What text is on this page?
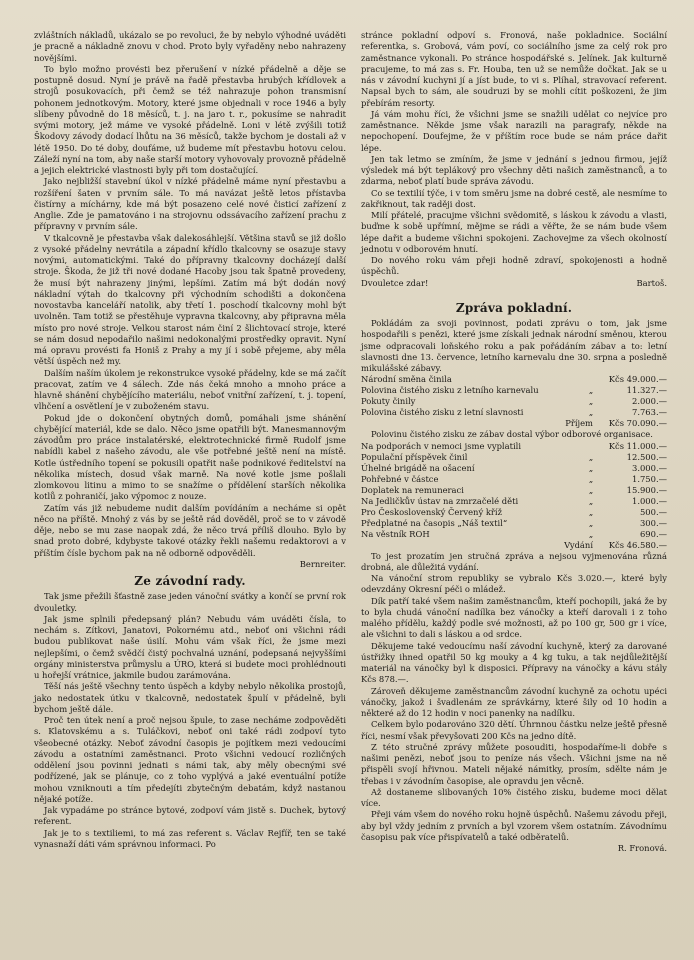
zvláštních nákladů, ukázalo se po revoluci, že by nebylo výhodné uváděti je pracně a nákladně znovu v chod. Proto byly vyřaděny nebo nahrazeny novějšími.

To bylo možno provésti bez přerušení v nízké přádelně a děje se postupně dosud. Nyní je právě na řadě přestavba hrubých křídlovek a strojů posukovacích, při čemž se též nahrazuje pohon transmisní pohonem jednotkovým. Motory, které jsme objednali v roce 1946 a byly slíbeny původně do 18 měsíců, t. j. na jaro t. r., pokusíme se nahradit svými motory, jež máme ve vysoké přádelně. Loni v létě zvýšili totiž Škodovy závody dodací lhůtu na 36 měsíců, takže bychom je dostali až v létě 1950. Do té doby, doufáme, už budeme mít přestavbu hotovu celou. Záleží nyní na tom, aby naše starší motory vyhovovaly provozně přádelně a jejich elektrické vlastnosti byly při tom dostačující.

Jako nejbližší stavební úkol v nízké přádelně máme nyní přestavbu a rozšíření šaten v prvním sále. To má navázat ještě letos přístavba čistírny a míchárny, kde má být posazeno celé nové čisticí zařízení z Anglie. Zde je pamatováno i na strojovnu odssávacího zařízení prachu z přípravny v prvním sále.

V tkalcovně je přestavba však dalekosáhlejší. Většina stavů se již došlo z vysoké přádelny nevrátila a západní křídlo tkalcovny se osazuje stavy novými, automatickými. Také do přípravny tkalcovny docházejí další stroje. Škoda, že již tři nové dodané Hacoby jsou tak špatně provedeny, že musí být nahrazeny jinými, lepšími. Zatím má být dodán nový nákladní výtah do tkalcovny při východním schodišti a dokončena novostavba kanceláří natolik, aby třetí 1. poschodí tkalcovny mohl být uvolněn. Tam totiž se přestěhuje vypravna tkalcovny, aby připravna měla místo pro nové stroje. Velkou starost nám činí 2 šlichtovací stroje, které se nám dosud nepodařilo našimi nedokonalými prostředky opravit. Nyní má opravu provésti fa Honiš z Prahy a my jí i sobě přejeme, aby měla větší úspěch než my.

Dalším naším úkolem je rekonstrukce vysoké přádelny, kde se má začít pracovat, zatím ve 4 sálech. Zde nás čeká mnoho a mnoho práce a hlavně shánění chybějícího materiálu, neboť vnitřní zařízení, t. j. topení, vlhčení a osvětlení je v zuboženém stavu.

Pokud jde o dokončení obytných domů, pomáhali jsme shánění chybějící materiál, kde se dalo. Něco jsme opatřili být. Manesmannovým závodům pro práce instalatérské, elektrotechnické firmě Rudolf jsme nabídli kabel z našeho závodu, ale vše potřebné ještě není na místě. Kotle ústředního topení se pokusili opatřit naše podnikové ředitelství na několika místech, dosud však marně. Na nové kotle jsme pošlali zlomkovou litinu a mimo to se snažíme o přídělení starších několika kotlů z pohraničí, jako výpomoc z nouze.

Zatím vás již nebudeme nudit dalším povídáním a necháme si opět něco na příště. Mnohý z vás by se ještě rád dověděl, proč se to v závodě děje, nebo se mu zase naopak zdá, že něco trvá příliš dlouho. Bylo by snad proto dobré, kdybyste takové otázky řekli našemu redaktorovi a v příštím čísle bychom pak na ně odborně odpověděli.

Bernreiter.
Ze závodní rady.

Tak jsme přežili šťastně zase jeden vánoční svátky a končí se první rok dvouletky.

Jak jsme splnili předepsaný plán? Nebudu vám uváděti čísla, to nechám s. Zítkovi, Janatovi, Pokornému atd., neboť oni všichni rádi budou publikovat naše úsilí. Mohu vám však říci, že jsme mezi nejlepšími, o čemž svědčí čistý pochvalná uznání, podepsaná nejvyššími orgány ministerstva průmyslu a ÚRO, která si budete moci prohlédnouti u hořejší vrátnice, jakmile budou zarámována.

Těší nás ještě všechny tento úspěch a kdyby nebylo několika prostojů, jako nedostatek útku v tkalcovně, nedostatek špulí v přádelně, byli bychom ještě dále.

Proč ten útek není a proč nejsou špule, to zase necháme zodpověděti s. Klatovskému a s. Tuláčkovi, neboť oni také rádi zodpoví tyto všeobecné otázky. Neboť závodní časopis je pojítkem mezi vedoucími závodu a ostatními zaměstnanci. Proto všichni vedoucí rozličných oddělení jsou povinni jednati s námi tak, aby měly obecnými své podřízené, jak se plánuje, co z toho vyplývá a jaké eventuální potíže mohou vzniknouti a tím předejíti zbytečným debatám, když nastanou nějaké potíže.

Jak vypadáme po stránce bytové, zodpoví vám jistě s. Duchek, bytový referent.

Jak je to s textiliemi, to má zas referent s. Václav Rejfíř, ten se také vynasnaží dáti vám správnou informaci. Po

stránce pokladní odpoví s. Fronová, naše pokladnice. Sociální referentka, s. Grobová, vám poví, co sociálního jsme za celý rok pro zaměstnance vykonali. Po stránce hospodářské s. Jelínek. Jak kulturně pracujeme, to má zas s. Fr. Houba, ten už se nemůže dočkat. Jak se u nás v závodní kuchyni jí a jíst bude, to vi s. Plíhal, stravovací referent. Napsal bych to sám, ale soudruzi by se mohli cítit poškozeni, že jim přebírám resorty.

Já vám mohu říci, že všichni jsme se snažili udělat co nejvíce pro zaměstnance. Někde jsme však narazili na paragrafy, někde na nepochopení. Doufejme, že v příštím roce bude se nám práce dařit lépe.

Jen tak letmo se zmíním, že jsme v jednání s jednou firmou, jejíž výsledek má být teplákový pro všechny děti našich zaměstnanců, a to zdarma, neboť platí bude správa závodu.

Co se textilií týče, i v tom směru jsme na dobré cestě, ale nesmíme to zakřiknout, tak raději dost.

Milí přátelé, pracujme všichni svědomitě, s láskou k závodu a vlasti, buďme k sobě upřímní, mějme se rádi a věřte, že se nám bude všem lépe dařit a budeme všichni spokojeni. Zachovejme za všech okolností jednotu v odborovém hnutí.

Do nového roku vám přeji hodně zdraví, spokojenosti a hodně úspěchů.

Dvouletce zdar!	Bartoš.
Zpráva pokladní.

Pokládám za svoji povinnost, podati zprávu o tom, jak jsme hospodařili s penězi, které jsme získali jednak národní směnou, kterou jsme odpracovali loňského roku a pak pořádáním zábav a to: letní slavnosti dne 13. července, letního karnevalu dne 30. srpna a posledně mikulášské zábavy.

Národní směna činila		Kčs 49.000.—
Polovina čistého zisku z letního karnevalu	„	11.327.—
Pokuty činily	„	2.000.—
Polovina čistého zisku z letní slavnosti	„	7.763.—
Příjem		Kčs 70.090.—

Polovinu čistého zisku ze zábav dostal výbor odborové organisace.

Na podporách v nemoci jsme vyplatili		Kčs 11.000.—
Populační příspěvek činil	„	12.500.—
Úhelné brigádě na ošacení	„	3.000.—
Pohřebné v částce	„	1.750.—
Doplatek na remuneraci	„	15.900.—
Na Jedličkův ústav na zmrzačelé děti	„	1.000.—
Pro Československý Červený kříž	„	500.—
Předplatné na časopis „Náš textil“	„	300.—
Na věstník ROH	„	690.—
Vydání		Kčs 46.580.—

To jest prozatím jen stručná zpráva a nejsou vyjmenována různá drobná, ale důležitá vydání.

Na vánoční strom republiky se vybralo Kčs 3.020.—, které byly odevzdány Okresní péči o mládež.

Dík patří také všem našim zaměstnancům, kteří pochopili, jaká že by to byla chudá vánoční nadílka bez vánočky a kteří darovali i z toho malého přídělu, každý podle své možnosti, až po 100 gr, 500 gr i více, ale všichni to dali s láskou a od srdce.

Děkujeme také vedoucímu naší závodní kuchyně, který za darované ústřižky ihned opatřil 50 kg mouky a 4 kg tuku, a tak nejdůležitější materiál na vánočky byl k disposici. Přípravy na vánočky a kávu stály Kčs 878.—.

Zároveň děkujeme zaměstnancům závodní kuchyně za ochotu upéci vánočky, jakož i švadlenám ze správkárny, které šily od 10 hodin a některé až do 12 hodin v noci panenky na nadílku.

Celkem bylo podarováno 320 dětí. Úhrnnou částku nelze ještě přesně říci, nesmí však převyšovati 200 Kčs na jedno dítě.

Z této stručné zprávy můžete posouditi, hospodaříme-li dobře s našimi penězi, neboť jsou to peníze nás všech. Všichni jsme na ně přispěli svojí hřivnou. Mateli nějaké námitky, prosím, sdělte nám je třebas i v závodním časopise, ale opravdu jen věcně.

Až dostaneme slibovaných 10% čistého zisku, budeme moci dělat více.

Přeji vám všem do nového roku hojně úspěchů. Našemu závodu přeji, aby byl vždy jedním z prvních a byl vzorem všem ostatním. Závodnímu časopisu pak více přispívatelů a také odběratelů.

R. Fronová.
